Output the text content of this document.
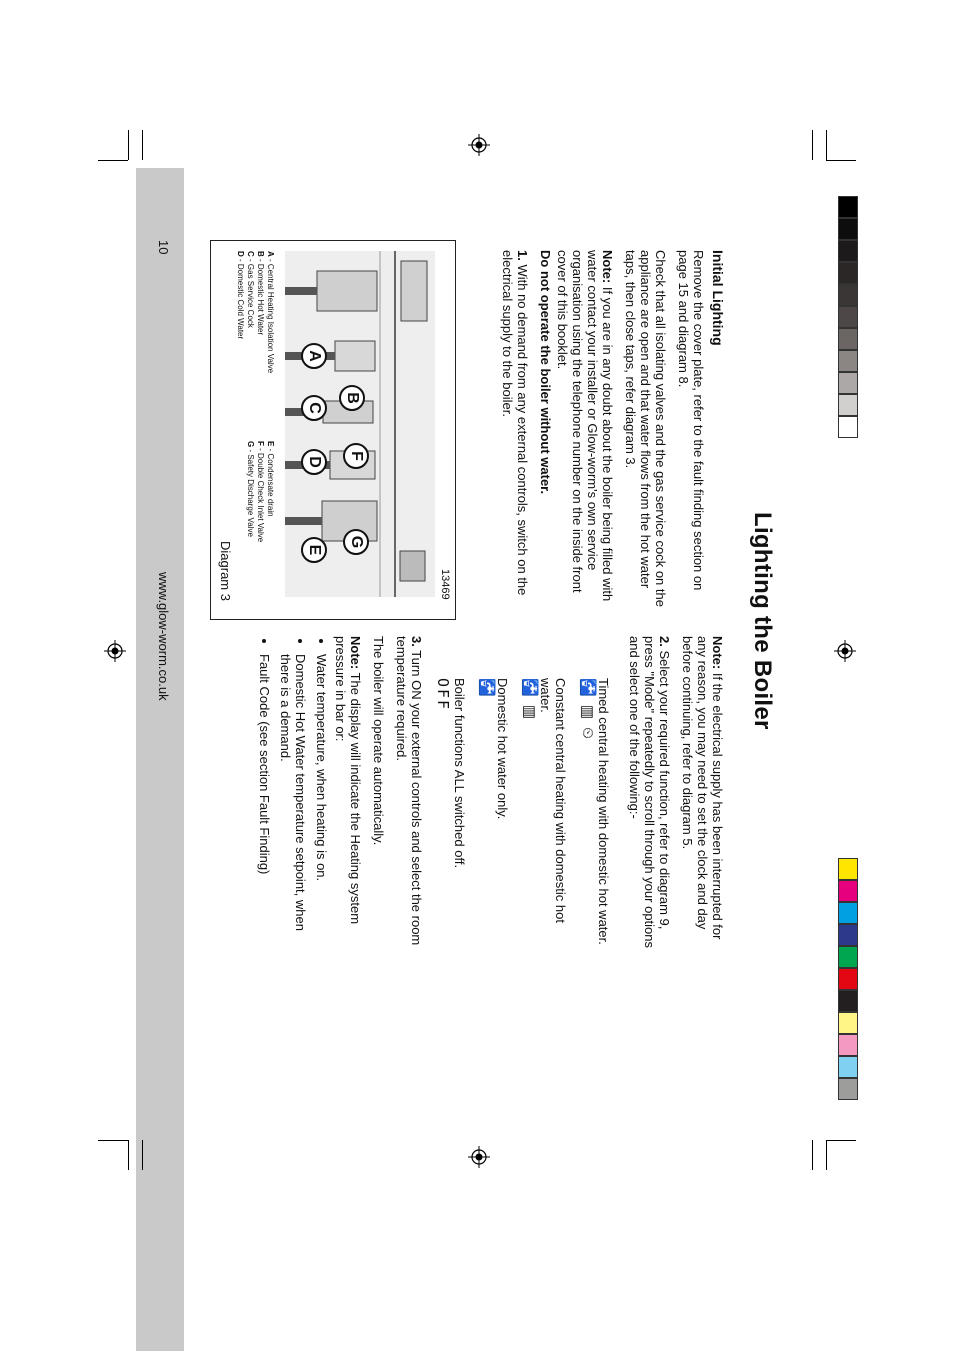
10
www.glow-worm.co.uk	Lighting the Boiler

Initial Lighting

Remove the cover plate, refer to the fault finding section on page 15 and diagram 8.

Check that all isolating valves and the gas service cock on the appliance are open and that water flows from the hot water taps, then close taps, refer diagram 3.

Note: If you are in any doubt about the boiler being filled with water contact your installer or Glow-worm's own service organisation using the telephone number on the inside front cover of this booklet.

Do not operate the boiler without water.

1. With no demand from any external controls, switch on the electrical supply to the boiler.

Note: If the electrical supply has been interrupted for any reason, you may need to set the clock and day before continuing, refer to diagram 5.

2. Select your required function, refer to diagram 9, press "Mode" repeatedly to scroll through your options and select one of the following:-

Timed central heating with domestic hot water.
🚰 ▥ ⏲
Constant central heating with domestic hot water.
🚰 ▥
Domestic hot water only.
🚰
Boiler functions ALL switched off.
OFF

3. Turn ON your external controls and select the room temperature required.

The boiler will operate automatically.

Note: The display will indicate the Heating system pressure in bar or:

• Water temperature, when heating is on.
• Domestic Hot Water temperature setpoint, when there is a demand.
• Fault Code (see section Fault Finding)
13469
A
B
C
D
E
F
G
A - Central Heating Isolation Valve
B - Domestic Hot Water
C - Gas Service Cock
D - Domestic Cold Water
E - Condensate drain
F - Double Check Inlet Valve
G - Safety Discharge Valve
Diagram 3
